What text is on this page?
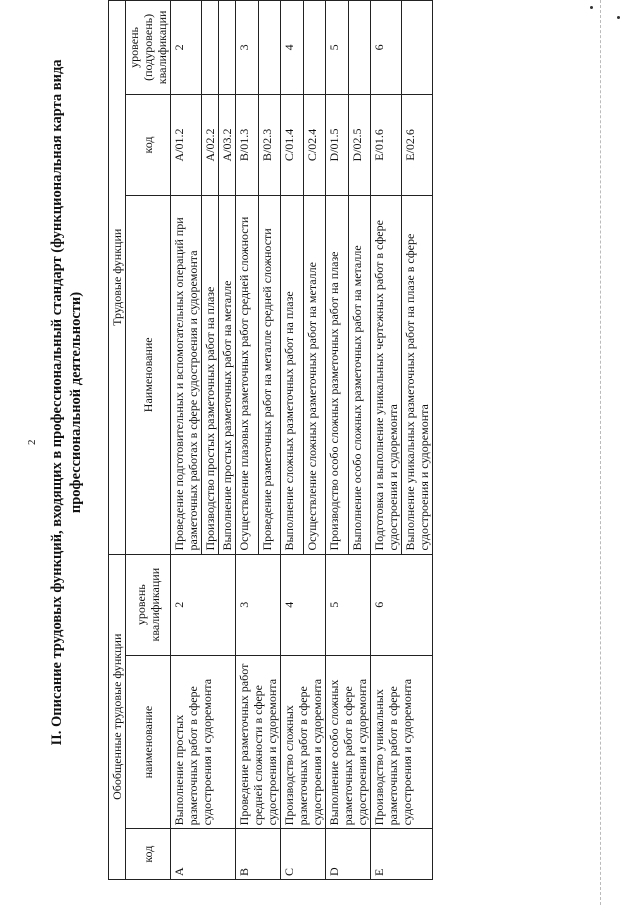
2 II. Описание трудовых функций, входящих в профессиональный стандарт (функциональная карта вида профессиональной деятельности)
Обобщенные трудовые функции			Трудовые функции		
код	наименование	уровень квалификации	Наименование	код	уровень (подуровень) квалификации
A	Выполнение простых разметочных работ в сфере судостроения и судоремонта	2	Проведение подготовительных и вспомогательных операций при разметочных работах в сфере судостроения и судоремонта	A/01.2	2
			Производство простых разметочных работ на плазе	A/02.2	
			Выполнение простых разметочных работ на металле	A/03.2	
B	Проведение разметочных работ средней сложности в сфере судостроения и судоремонта	3	Осуществление плазовых разметочных работ средней сложности	B/01.3	3
			Проведение разметочных работ на металле средней сложности	B/02.3	
C	Производство сложных разметочных работ в сфере судостроения и судоремонта	4	Выполнение сложных разметочных работ на плазе	C/01.4	4
			Осуществление сложных разметочных работ на металле	C/02.4	
D	Выполнение особо сложных разметочных работ в сфере судостроения и судоремонта	5	Производство особо сложных разметочных работ на плазе	D/01.5	5
			Выполнение особо сложных разметочных работ на металле	D/02.5	
E	Производство уникальных разметочных работ в сфере судостроения и судоремонта	6	Подготовка и выполнение уникальных чертежных работ в сфере судостроения и судоремонта	E/01.6	6
			Выполнение уникальных разметочных работ на плазе в сфере судостроения и судоремонта	E/02.6	
